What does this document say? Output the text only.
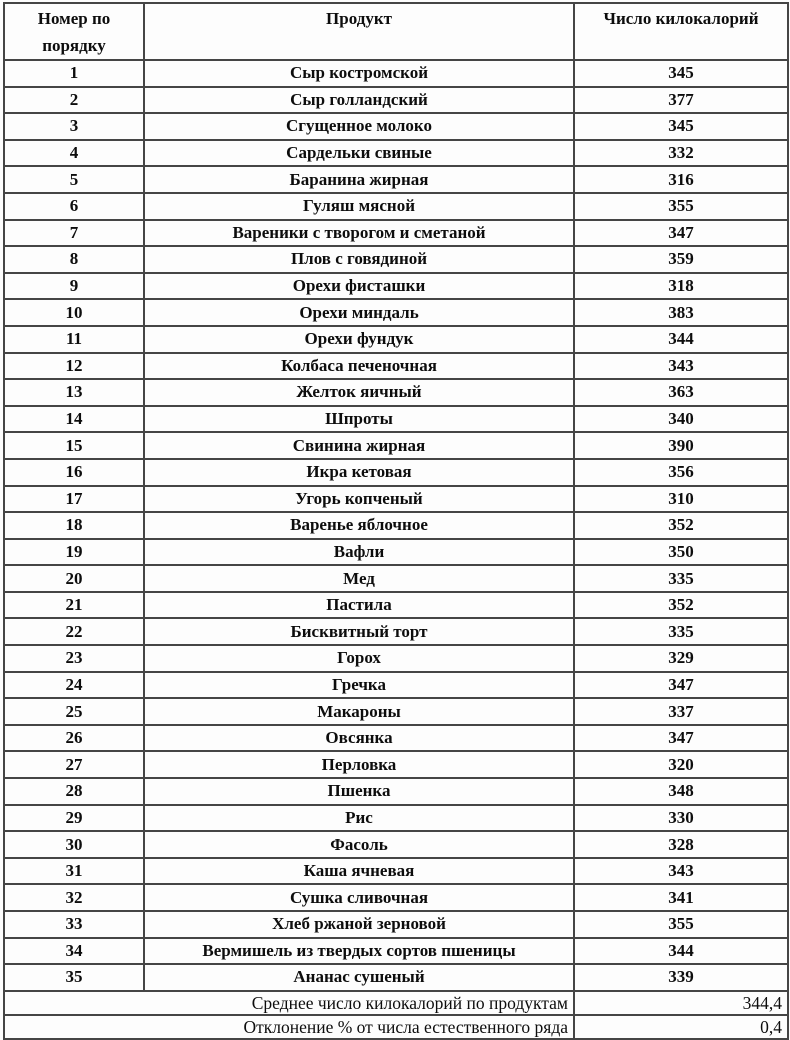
Номер по порядку	Продукт	Число килокалорий
1	Сыр костромской	345
2	Сыр голландский	377
3	Сгущенное молоко	345
4	Сардельки свиные	332
5	Баранина жирная	316
6	Гуляш мясной	355
7	Вареники с творогом и сметаной	347
8	Плов с говядиной	359
9	Орехи фисташки	318
10	Орехи миндаль	383
11	Орехи фундук	344
12	Колбаса печеночная	343
13	Желток яичный	363
14	Шпроты	340
15	Свинина жирная	390
16	Икра кетовая	356
17	Угорь копченый	310
18	Варенье яблочное	352
19	Вафли	350
20	Мед	335
21	Пастила	352
22	Бисквитный торт	335
23	Горох	329
24	Гречка	347
25	Макароны	337
26	Овсянка	347
27	Перловка	320
28	Пшенка	348
29	Рис	330
30	Фасоль	328
31	Каша ячневая	343
32	Сушка сливочная	341
33	Хлеб ржаной зерновой	355
34	Вермишель из твердых сортов пшеницы	344
35	Ананас сушеный	339
Среднее число килокалорий по продуктам		344,4
Отклонение % от числа естественного ряда		0,4
